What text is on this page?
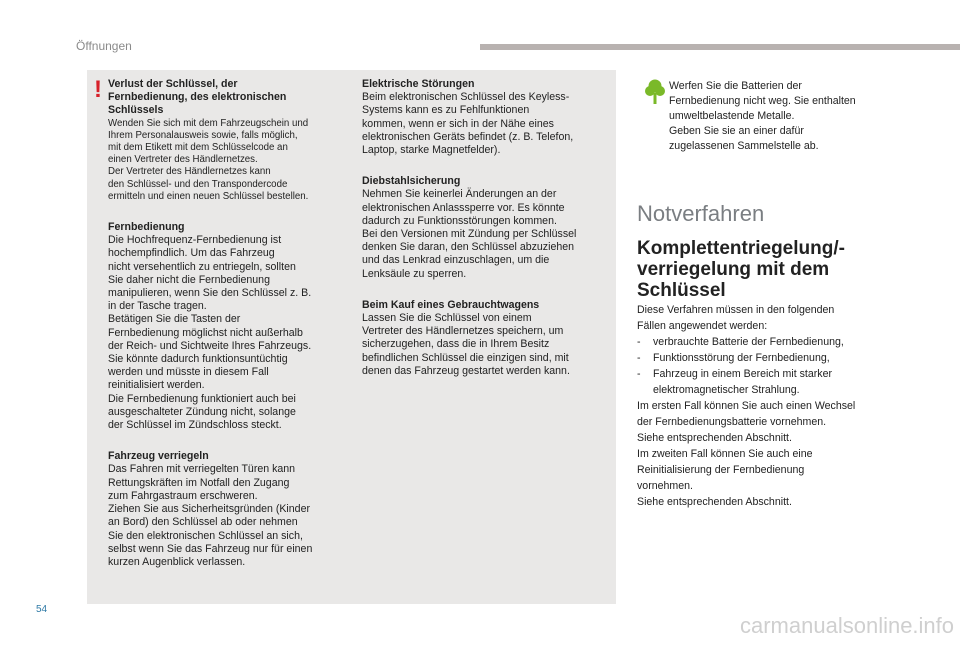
Öffnungen
! Verlust der Schlüssel, der
Fernbedienung, des elektronischen
Schlüssels

Wenden Sie sich mit dem Fahrzeugschein und
Ihrem Personalausweis sowie, falls möglich,
mit dem Etikett mit dem Schlüsselcode an
einen Vertreter des Händlernetzes.
Der Vertreter des Händlernetzes kann
den Schlüssel- und den Transpondercode
ermitteln und einen neuen Schlüssel bestellen.

Fernbedienung

Die Hochfrequenz-Fernbedienung ist
hochempfindlich. Um das Fahrzeug
nicht versehentlich zu entriegeln, sollten
Sie daher nicht die Fernbedienung
manipulieren, wenn Sie den Schlüssel z. B.
in der Tasche tragen.
Betätigen Sie die Tasten der
Fernbedienung möglichst nicht außerhalb
der Reich- und Sichtweite Ihres Fahrzeugs.
Sie könnte dadurch funktionsuntüchtig
werden und müsste in diesem Fall
reinitialisiert werden.
Die Fernbedienung funktioniert auch bei
ausgeschalteter Zündung nicht, solange
der Schlüssel im Zündschloss steckt.

Fahrzeug verriegeln

Das Fahren mit verriegelten Türen kann
Rettungskräften im Notfall den Zugang
zum Fahrgastraum erschweren.
Ziehen Sie aus Sicherheitsgründen (Kinder
an Bord) den Schlüssel ab oder nehmen
Sie den elektronischen Schlüssel an sich,
selbst wenn Sie das Fahrzeug nur für einen
kurzen Augenblick verlassen.

Elektrische Störungen

Beim elektronischen Schlüssel des Keyless-
Systems kann es zu Fehlfunktionen
kommen, wenn er sich in der Nähe eines
elektronischen Geräts befindet (z. B. Telefon,
Laptop, starke Magnetfelder).

Diebstahlsicherung

Nehmen Sie keinerlei Änderungen an der
elektronischen Anlasssperre vor. Es könnte
dadurch zu Funktionsstörungen kommen.
Bei den Versionen mit Zündung per Schlüssel
denken Sie daran, den Schlüssel abzuziehen
und das Lenkrad einzuschlagen, um die
Lenksäule zu sperren.

Beim Kauf eines Gebrauchtwagens

Lassen Sie die Schlüssel von einem
Vertreter des Händlernetzes speichern, um
sicherzugehen, dass die in Ihrem Besitz
befindlichen Schlüssel die einzigen sind, mit
denen das Fahrzeug gestartet werden kann.

Werfen Sie die Batterien der
Fernbedienung nicht weg. Sie enthalten
umweltbelastende Metalle.
Geben Sie sie an einer dafür
zugelassenen Sammelstelle ab.
Notverfahren
Komplettentriegelung/-
verriegelung mit dem
Schlüssel

Diese Verfahren müssen in den folgenden
Fällen angewendet werden:

- verbrauchte Batterie der Fernbedienung,
- Funktionsstörung der Fernbedienung,
- Fahrzeug in einem Bereich mit starker
elektromagnetischer Strahlung.

Im ersten Fall können Sie auch einen Wechsel
der Fernbedienungsbatterie vornehmen.
Siehe entsprechenden Abschnitt.
Im zweiten Fall können Sie auch eine
Reinitialisierung der Fernbedienung
vornehmen.
Siehe entsprechenden Abschnitt.

54
carmanualsonline.info
